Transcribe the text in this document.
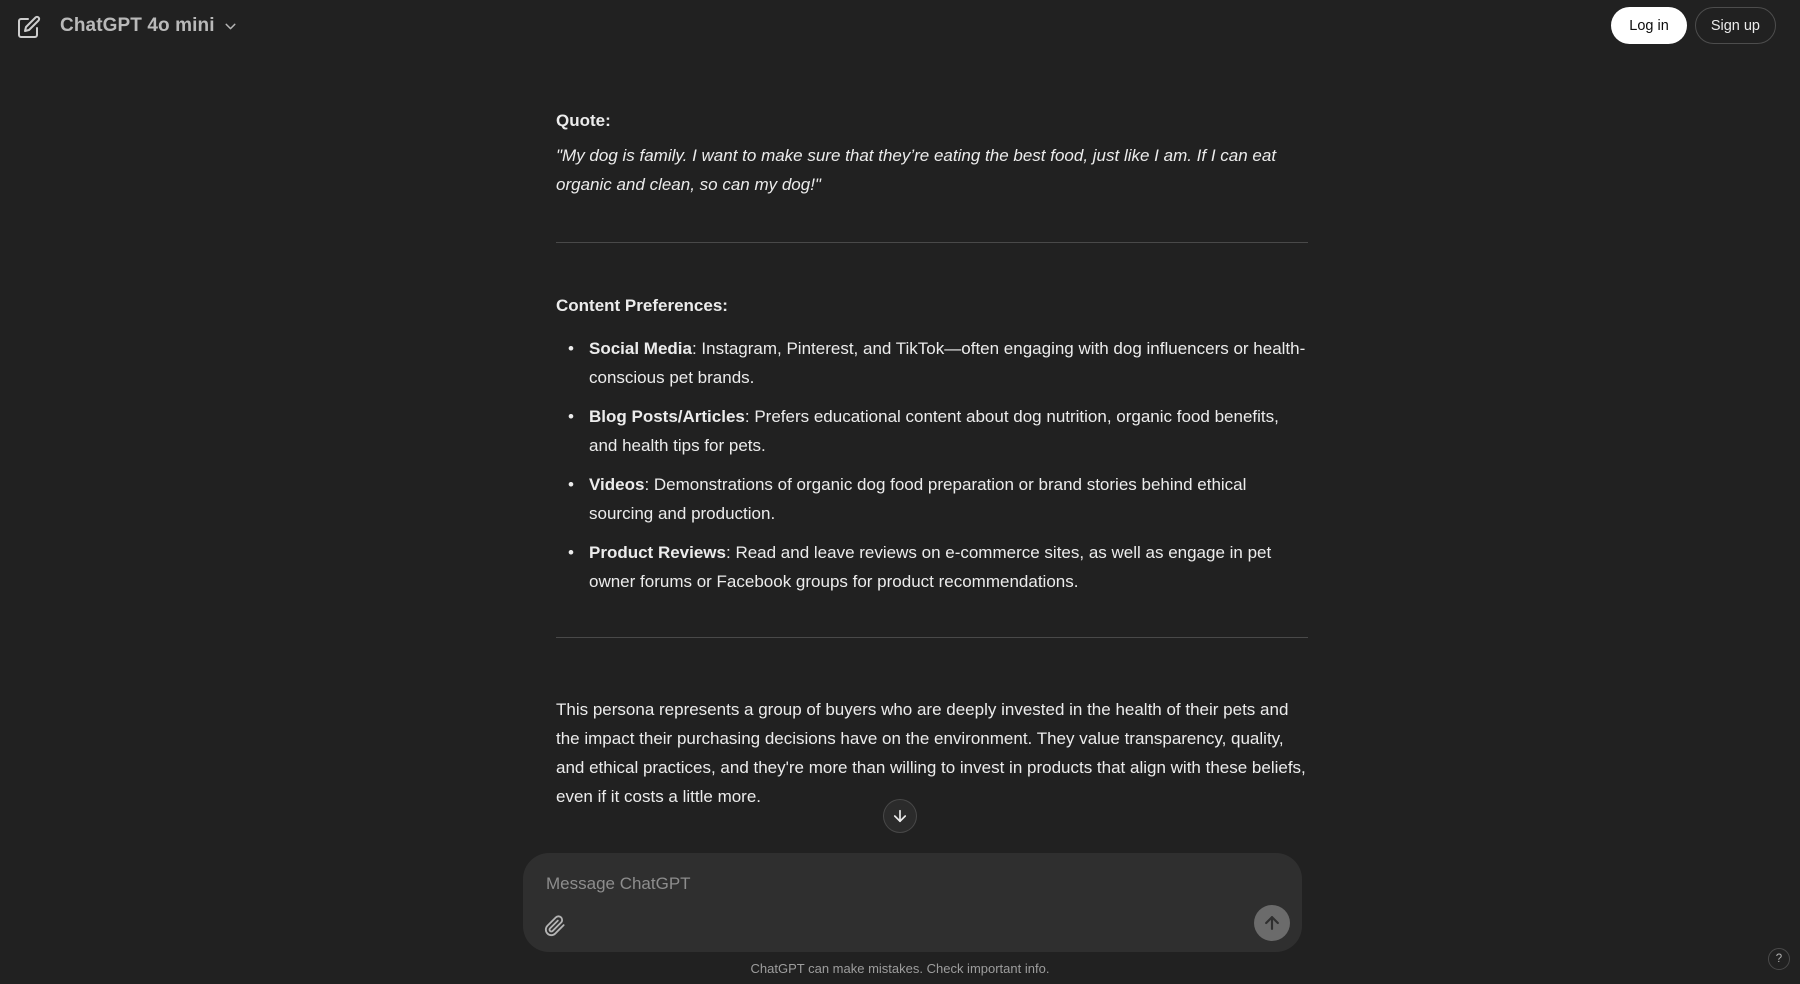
ChatGPT 4o mini	Log in	Sign up
Quote:

"My dog is family. I want to make sure that they’re eating the best food, just like I am. If I can eat organic and clean, so can my dog!"

Content Preferences:
• Social Media: Instagram, Pinterest, and TikTok—often engaging with dog influencers or health-conscious pet brands.
• Blog Posts/Articles: Prefers educational content about dog nutrition, organic food benefits, and health tips for pets.
• Videos: Demonstrations of organic dog food preparation or brand stories behind ethical sourcing and production.
• Product Reviews: Read and leave reviews on e-commerce sites, as well as engage in pet owner forums or Facebook groups for product recommendations.

This persona represents a group of buyers who are deeply invested in the health of their pets and the impact their purchasing decisions have on the environment. They value transparency, quality, and ethical practices, and they're more than willing to invest in products that align with these beliefs, even if it costs a little more.

Message ChatGPT
ChatGPT can make mistakes. Check important info.
?
